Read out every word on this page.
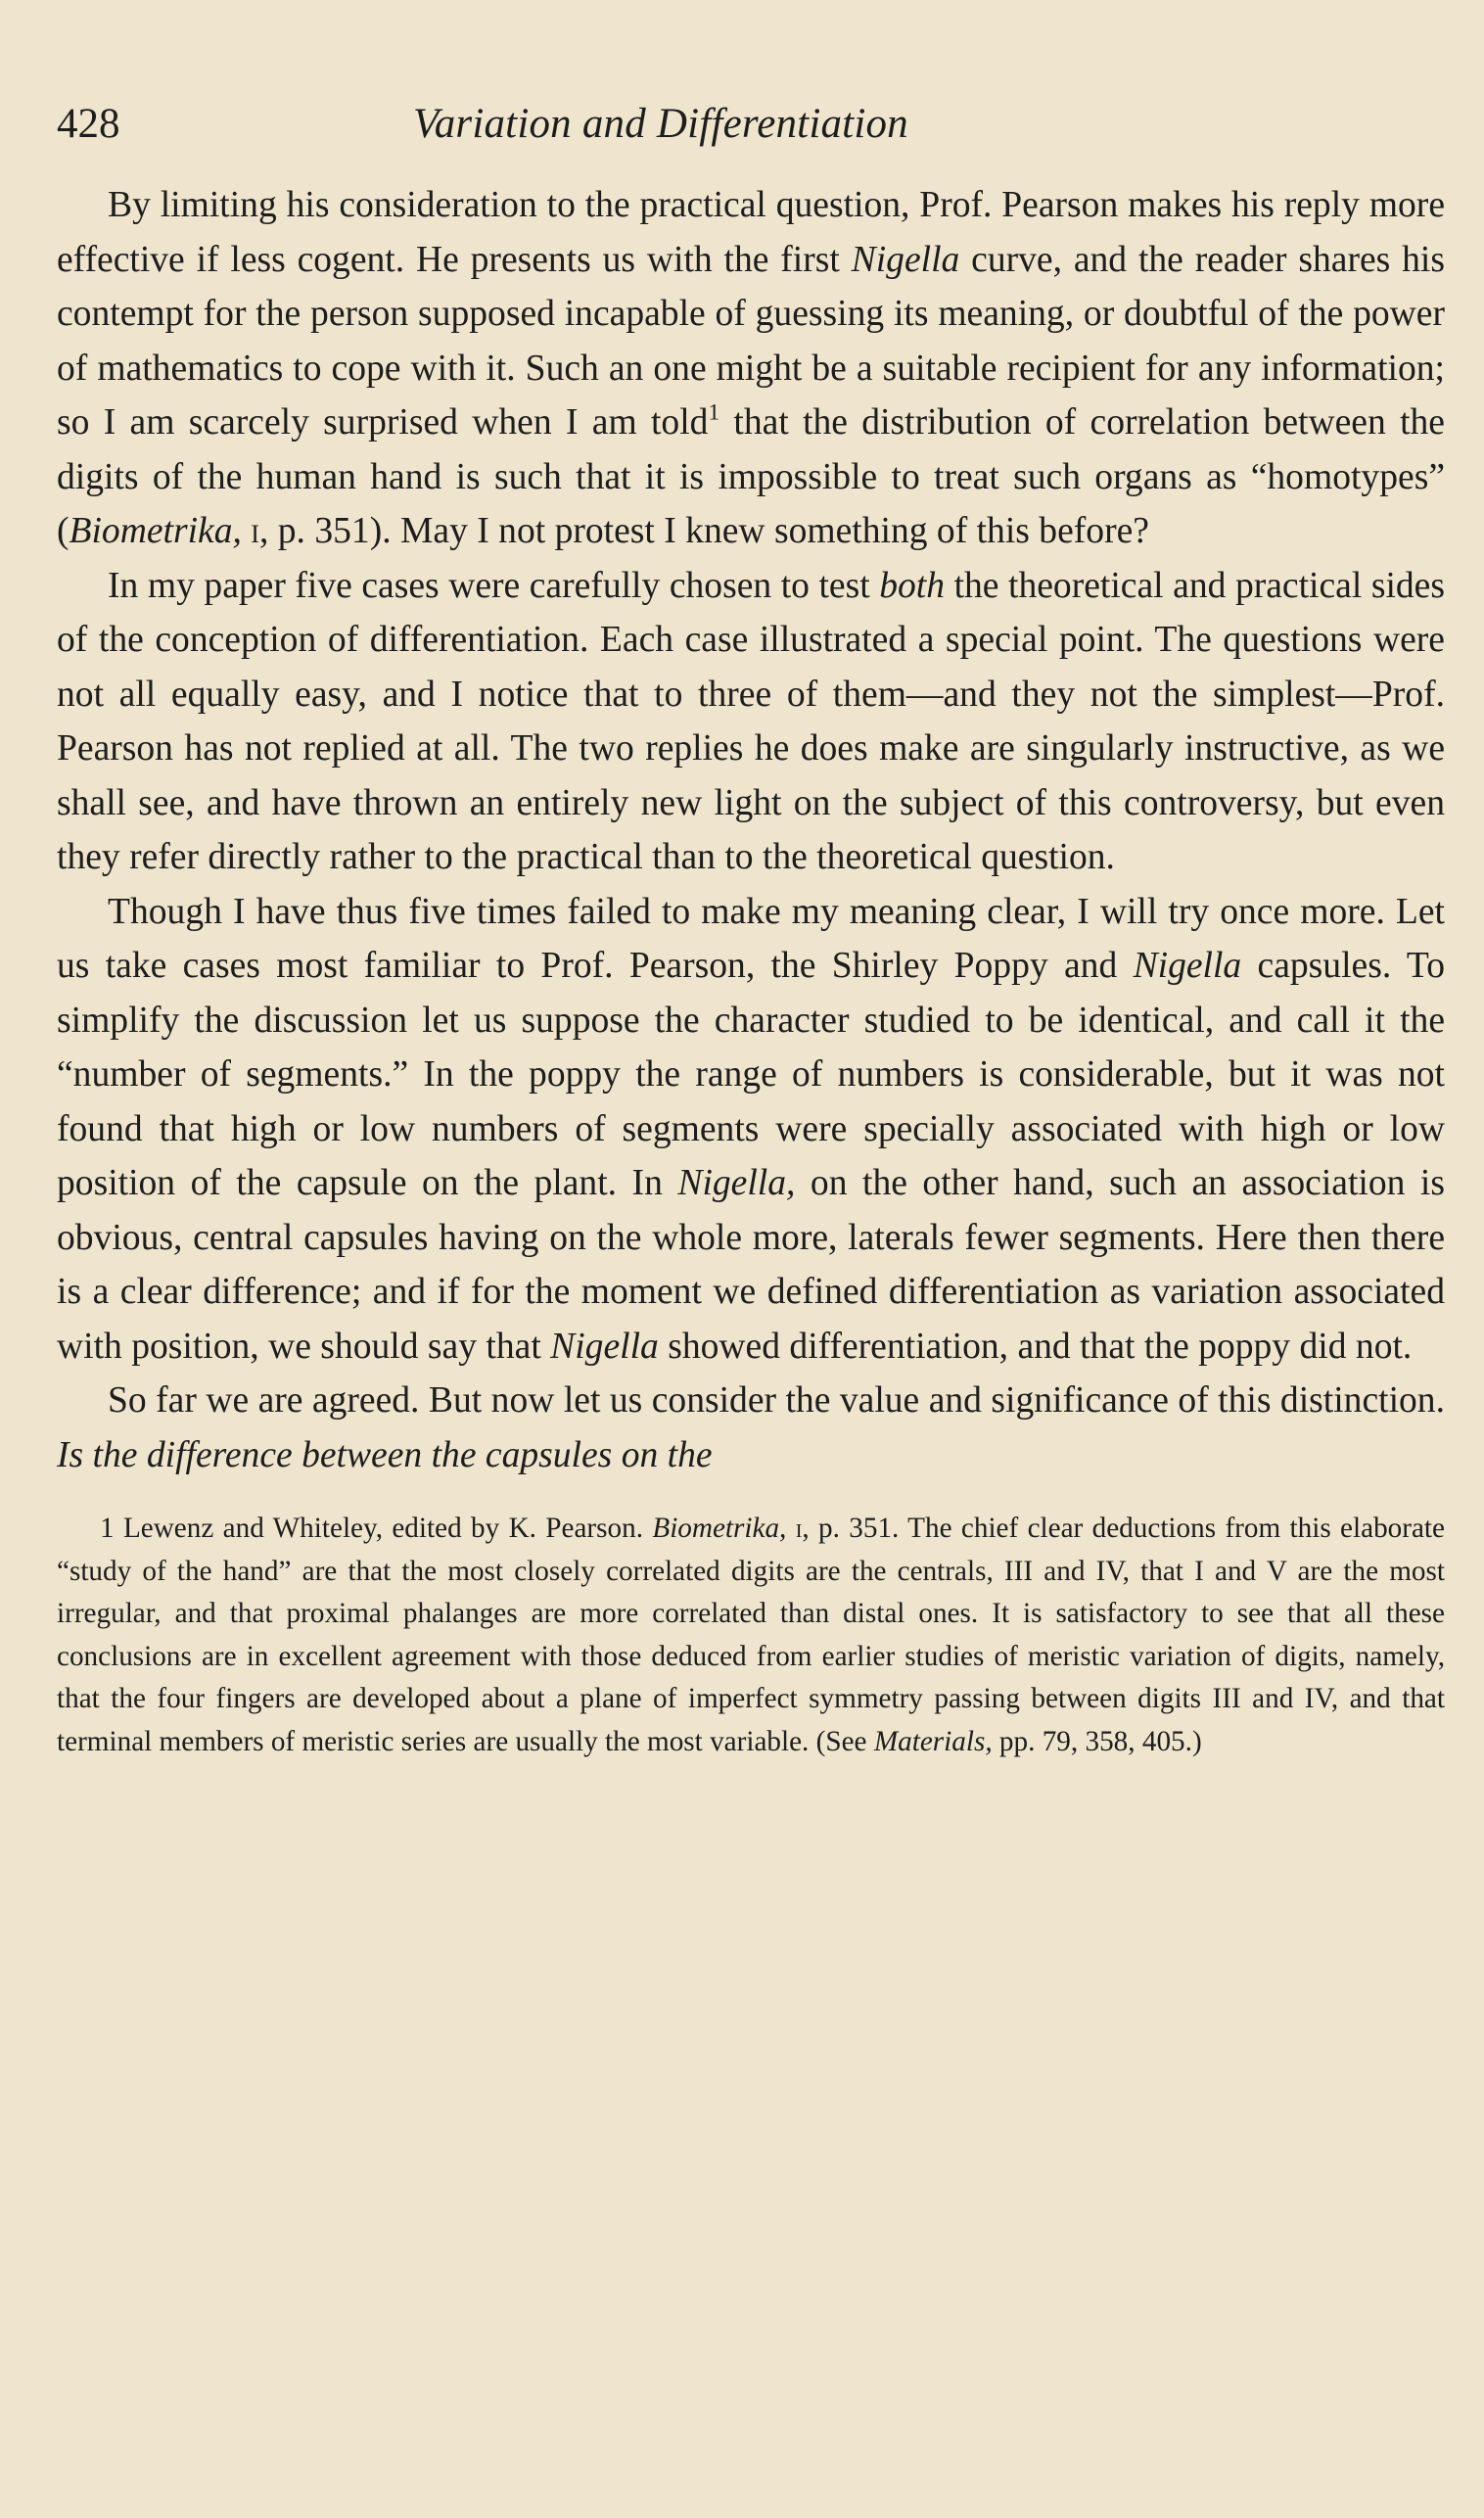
428	Variation and Differentiation

By limiting his consideration to the practical question, Prof. Pearson makes his reply more effective if less cogent. He presents us with the first Nigella curve, and the reader shares his contempt for the person supposed incapable of guessing its meaning, or doubtful of the power of mathematics to cope with it. Such an one might be a suitable recipient for any information; so I am scarcely surprised when I am told$^1$ that the distribution of correlation between the digits of the human hand is such that it is impossible to treat such organs as “homotypes” (Biometrika, i, p. 351). May I not protest I knew something of this before?

In my paper five cases were carefully chosen to test both the theoretical and practical sides of the conception of differentiation. Each case illustrated a special point. The questions were not all equally easy, and I notice that to three of them—and they not the simplest—Prof. Pearson has not replied at all. The two replies he does make are singularly instructive, as we shall see, and have thrown an entirely new light on the subject of this controversy, but even they refer directly rather to the practical than to the theoretical question.

Though I have thus five times failed to make my meaning clear, I will try once more. Let us take cases most familiar to Prof. Pearson, the Shirley Poppy and Nigella capsules. To simplify the discussion let us suppose the character studied to be identical, and call it the “number of segments.” In the poppy the range of numbers is considerable, but it was not found that high or low numbers of segments were specially associated with high or low position of the capsule on the plant. In Nigella, on the other hand, such an association is obvious, central capsules having on the whole more, laterals fewer segments. Here then there is a clear difference; and if for the moment we defined differentiation as variation associated with position, we should say that Nigella showed differentiation, and that the poppy did not.

So far we are agreed. But now let us consider the value and significance of this distinction. Is the difference between the capsules on the

1 Lewenz and Whiteley, edited by K. Pearson. Biometrika, i, p. 351. The chief clear deductions from this elaborate “study of the hand” are that the most closely correlated digits are the centrals, III and IV, that I and V are the most irregular, and that proximal phalanges are more correlated than distal ones. It is satisfactory to see that all these conclusions are in excellent agreement with those deduced from earlier studies of meristic variation of digits, namely, that the four fingers are developed about a plane of imperfect symmetry passing between digits III and IV, and that terminal members of meristic series are usually the most variable. (See Materials, pp. 79, 358, 405.)
